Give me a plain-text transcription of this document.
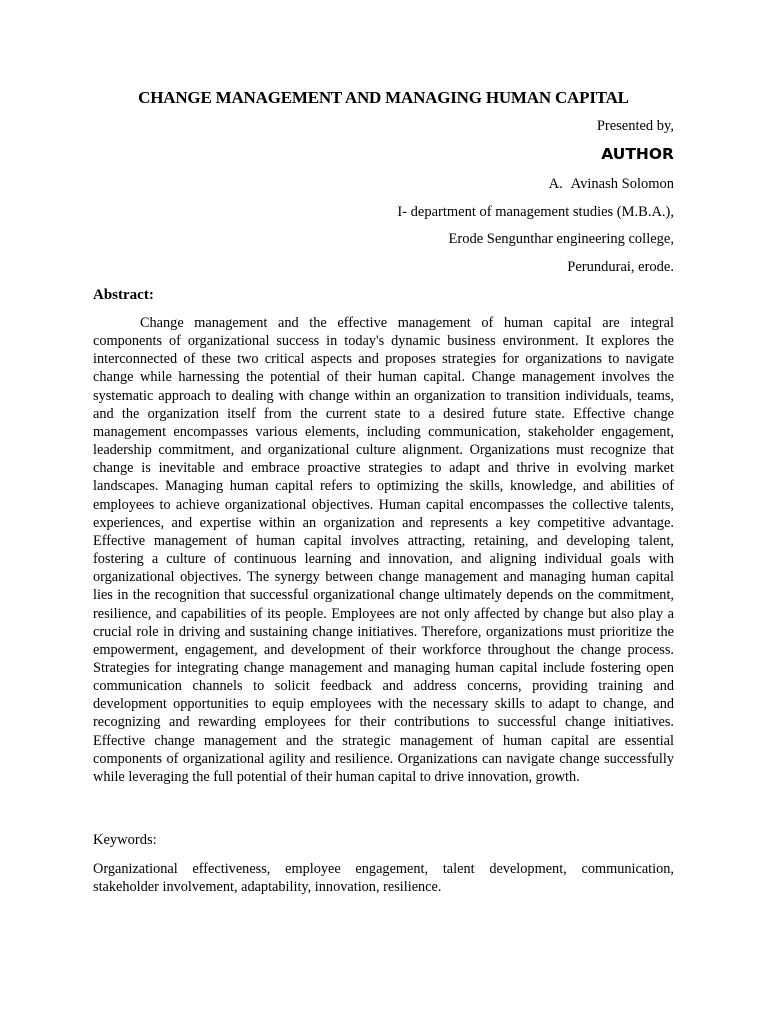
CHANGE MANAGEMENT AND MANAGING HUMAN CAPITAL
Presented by,
AUTHOR
A. Avinash Solomon
I- department of management studies (M.B.A.),
Erode Sengunthar engineering college,
Perundurai, erode.
Abstract:
Change management and the effective management of human capital are integral components of organizational success in today's dynamic business environment. It explores the interconnected of these two critical aspects and proposes strategies for organizations to navigate change while harnessing the potential of their human capital. Change management involves the systematic approach to dealing with change within an organization to transition individuals, teams, and the organization itself from the current state to a desired future state. Effective change management encompasses various elements, including communication, stakeholder engagement, leadership commitment, and organizational culture alignment. Organizations must recognize that change is inevitable and embrace proactive strategies to adapt and thrive in evolving market landscapes. Managing human capital refers to optimizing the skills, knowledge, and abilities of employees to achieve organizational objectives. Human capital encompasses the collective talents, experiences, and expertise within an organization and represents a key competitive advantage. Effective management of human capital involves attracting, retaining, and developing talent, fostering a culture of continuous learning and innovation, and aligning individual goals with organizational objectives. The synergy between change management and managing human capital lies in the recognition that successful organizational change ultimately depends on the commitment, resilience, and capabilities of its people. Employees are not only affected by change but also play a crucial role in driving and sustaining change initiatives. Therefore, organizations must prioritize the empowerment, engagement, and development of their workforce throughout the change process. Strategies for integrating change management and managing human capital include fostering open communication channels to solicit feedback and address concerns, providing training and development opportunities to equip employees with the necessary skills to adapt to change, and recognizing and rewarding employees for their contributions to successful change initiatives. Effective change management and the strategic management of human capital are essential components of organizational agility and resilience. Organizations can navigate change successfully while leveraging the full potential of their human capital to drive innovation, growth.
Keywords:
Organizational effectiveness, employee engagement, talent development, communication, stakeholder involvement, adaptability, innovation, resilience.
